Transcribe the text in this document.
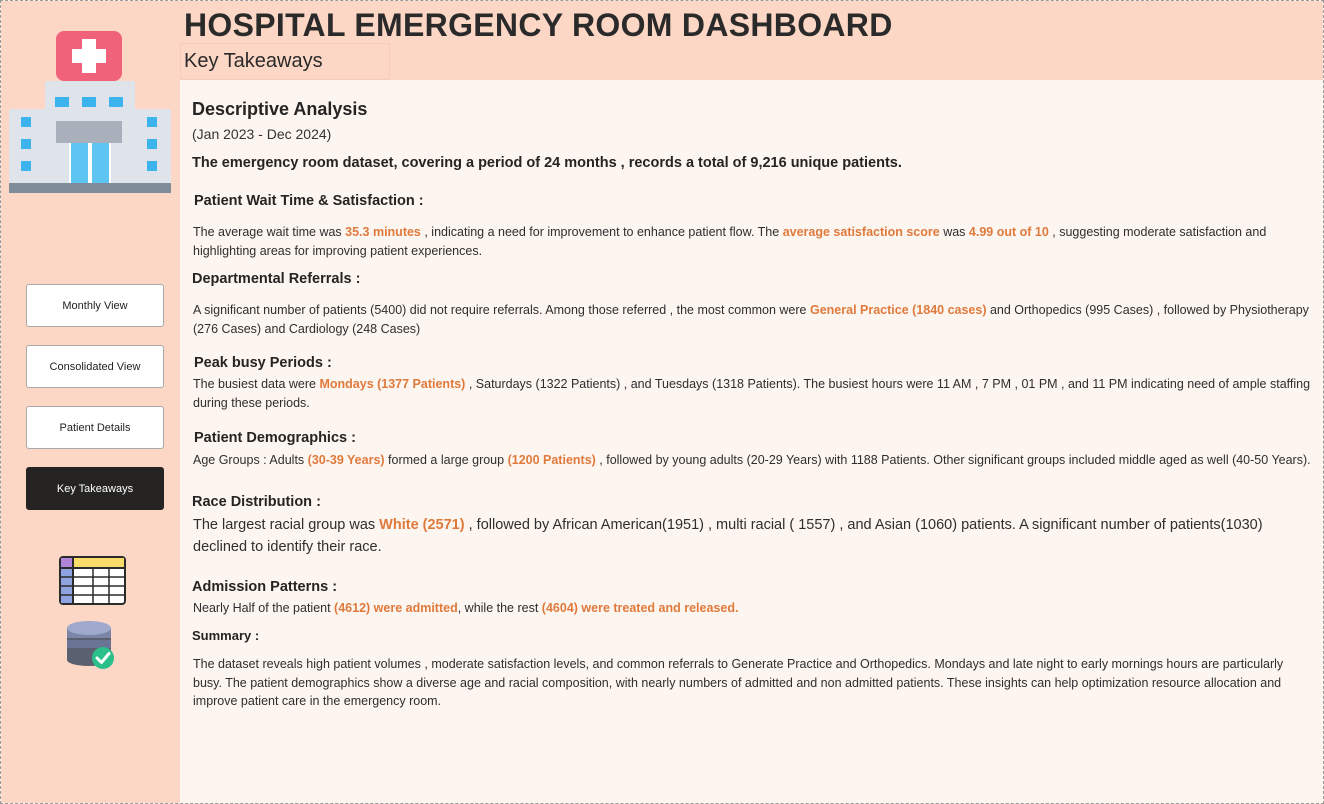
Monthly View
Consolidated View
Patient Details
Key Takeaways
HOSPITAL EMERGENCY ROOM DASHBOARD
Key Takeaways
Descriptive Analysis
(Jan 2023 - Dec 2024)
The emergency room dataset, covering a period of 24 months , records a total of 9,216 unique patients.
Patient Wait Time & Satisfaction :

The average wait time was 35.3 minutes , indicating a need for improvement to enhance patient flow. The average satisfaction score was 4.99 out of 10 , suggesting moderate satisfaction and highlighting areas for improving patient experiences.

Departmental Referrals :

A significant number of patients (5400) did not require referrals. Among those referred , the most common were General Practice (1840 cases) and Orthopedics (995 Cases) , followed by Physiotherapy (276 Cases) and Cardiology (248 Cases)

Peak busy Periods :

The busiest data were Mondays (1377 Patients) , Saturdays (1322 Patients) , and Tuesdays (1318 Patients). The busiest hours were 11 AM , 7 PM , 01 PM , and 11 PM indicating need of ample staffing during these periods.

Patient Demographics :

Age Groups : Adults (30-39 Years) formed a large group (1200 Patients) , followed by young adults (20-29 Years) with 1188 Patients. Other significant groups included middle aged as well (40-50 Years).

Race Distribution :

The largest racial group was White (2571) , followed by African American(1951) , multi racial ( 1557) , and Asian (1060) patients. A significant number of patients(1030) declined to identify their race.

Admission Patterns :

Nearly Half of the patient (4612) were admitted, while the rest (4604) were treated and released.

Summary :

The dataset reveals high patient volumes , moderate satisfaction levels, and common referrals to Generate Practice and Orthopedics. Mondays and late night to early mornings hours are particularly busy. The patient demographics show a diverse age and racial composition, with nearly numbers of admitted and non admitted patients. These insights can help optimization resource allocation and improve patient care in the emergency room.
